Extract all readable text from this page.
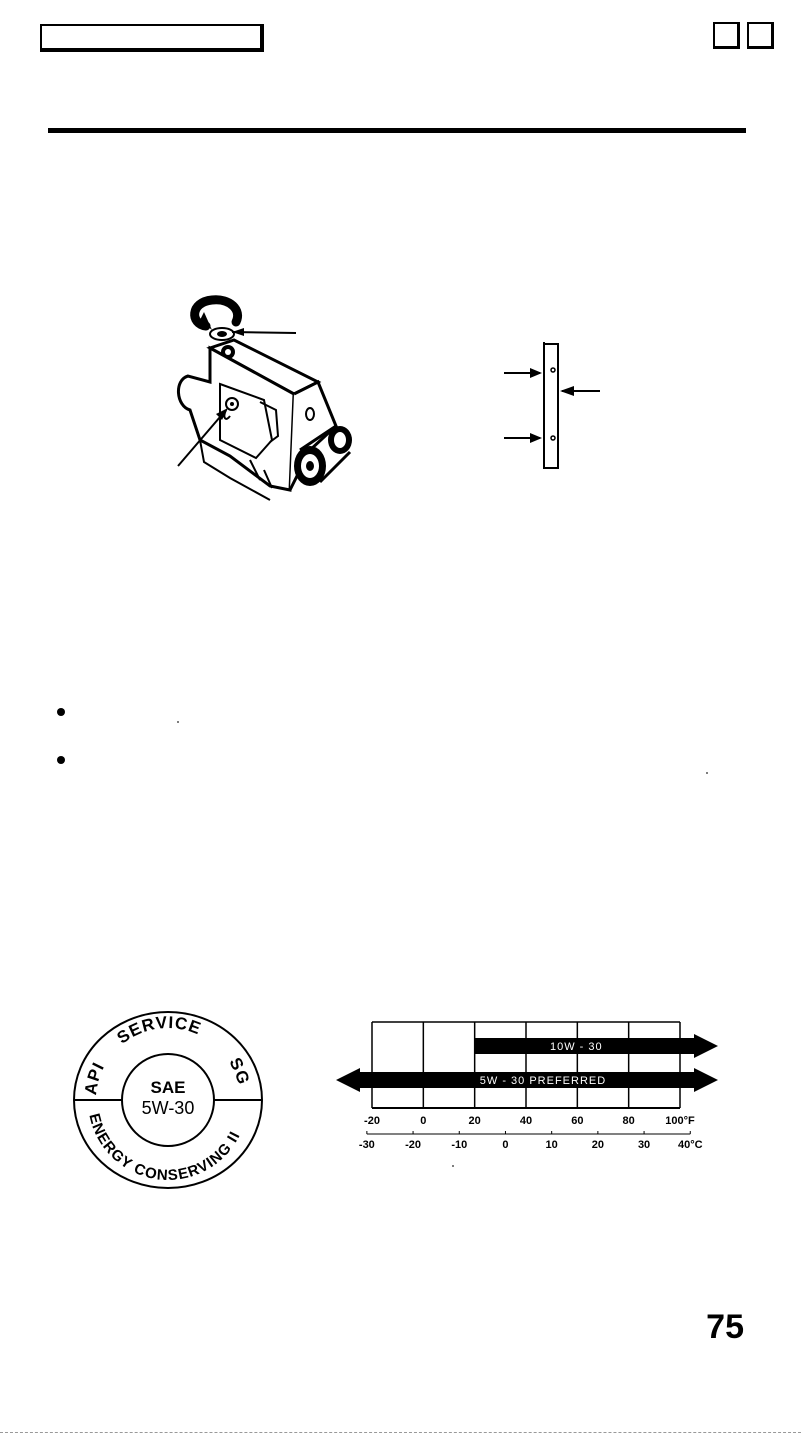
API
SERVICE
SG
ENERGY CONSERVING II
SAE
5W-30
10W - 30
5W - 30 PREFERRED
-20	0	20	40	60	80	100°F
-30	-20	-10	0	10	20	30	40°C
75
